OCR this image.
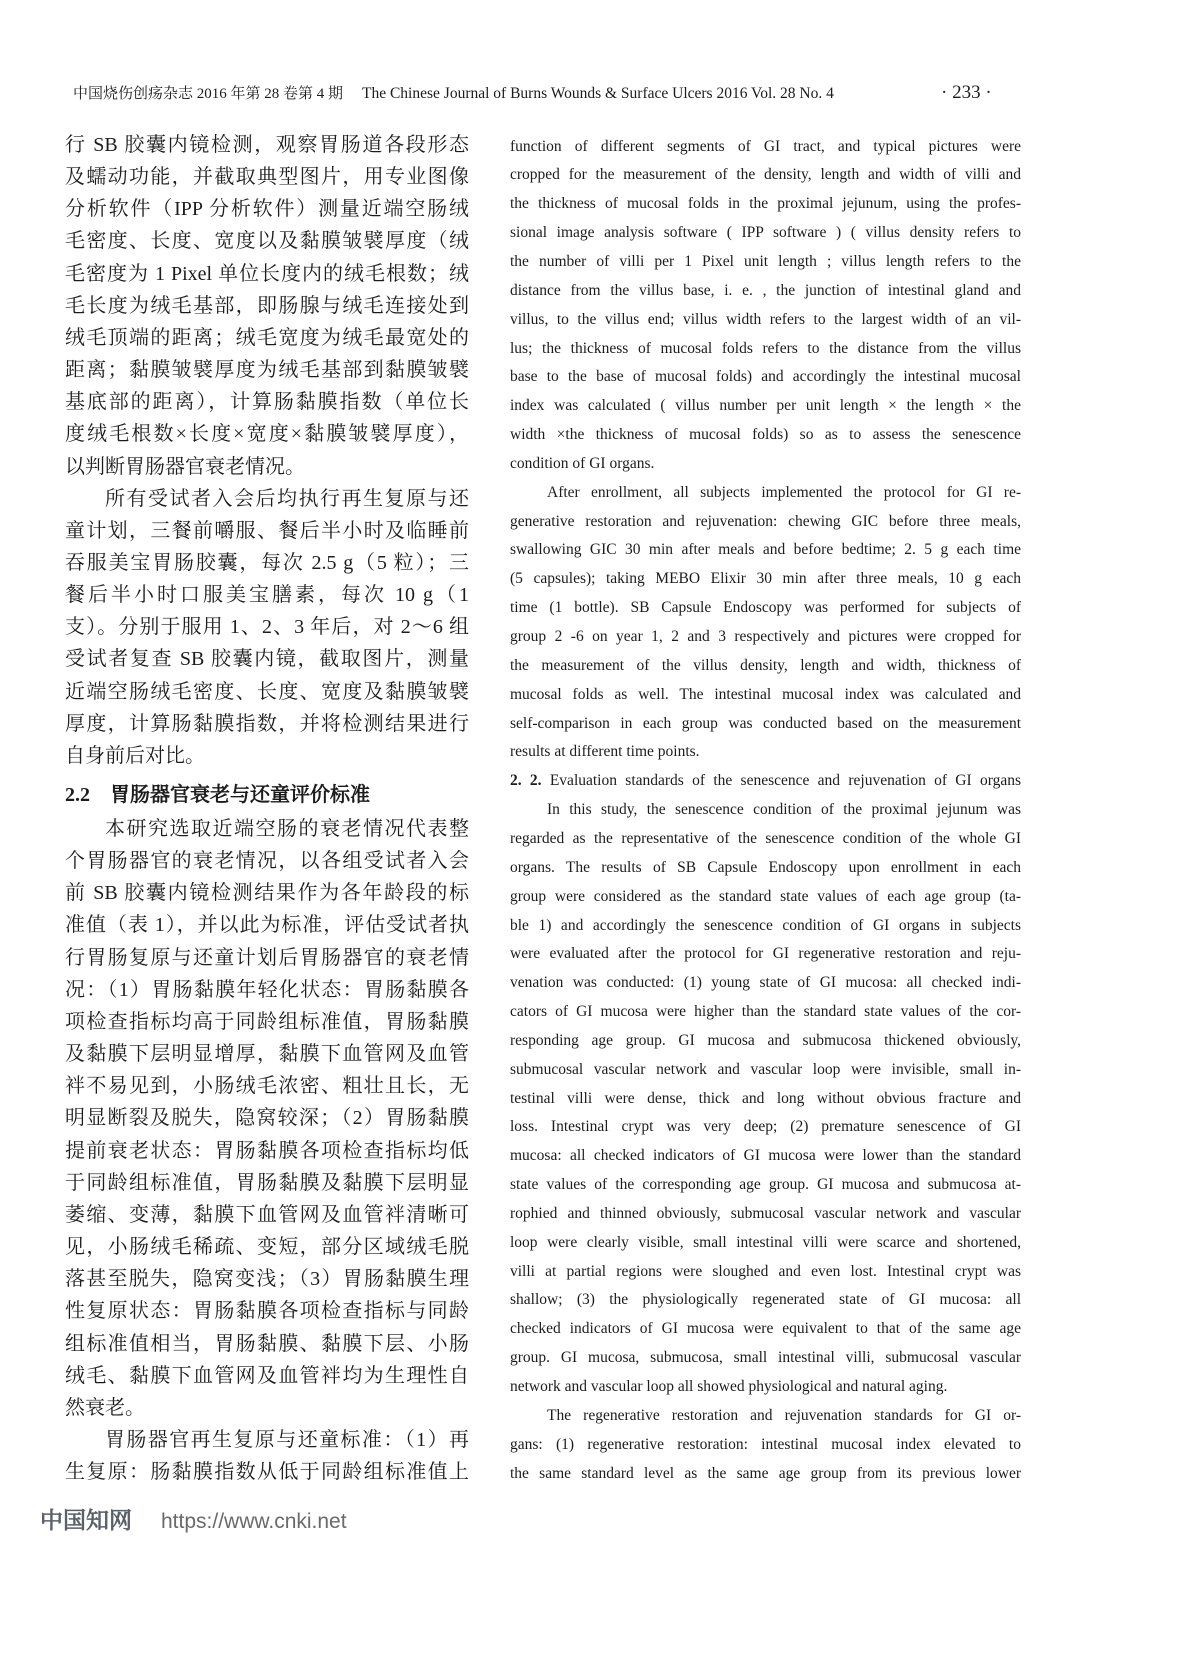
中国烧伤创疡杂志 2016 年第 28 卷第 4 期 The Chinese Journal of Burns Wounds & Surface Ulcers 2016 Vol. 28 No. 4	· 233 ·
行 SB 胶囊内镜检测，观察胃肠道各段形态
及蠕动功能，并截取典型图片，用专业图像
分析软件（IPP 分析软件）测量近端空肠绒
毛密度、长度、宽度以及黏膜皱襞厚度（绒
毛密度为 1 Pixel 单位长度内的绒毛根数；绒
毛长度为绒毛基部，即肠腺与绒毛连接处到
绒毛顶端的距离；绒毛宽度为绒毛最宽处的
距离；黏膜皱襞厚度为绒毛基部到黏膜皱襞
基底部的距离），计算肠黏膜指数（单位长
度绒毛根数×长度×宽度×黏膜皱襞厚度），
以判断胃肠器官衰老情况。
所有受试者入会后均执行再生复原与还
童计划，三餐前嚼服、餐后半小时及临睡前
吞服美宝胃肠胶囊，每次 2.5 g（5 粒）；三
餐后半小时口服美宝膳素，每次 10 g（1
支）。分别于服用 1、2、3 年后，对 2～6 组
受试者复查 SB 胶囊内镜，截取图片，测量
近端空肠绒毛密度、长度、宽度及黏膜皱襞
厚度，计算肠黏膜指数，并将检测结果进行
自身前后对比。
2.2 胃肠器官衰老与还童评价标准
本研究选取近端空肠的衰老情况代表整
个胃肠器官的衰老情况，以各组受试者入会
前 SB 胶囊内镜检测结果作为各年龄段的标
准值（表 1），并以此为标准，评估受试者执
行胃肠复原与还童计划后胃肠器官的衰老情
况：（1）胃肠黏膜年轻化状态：胃肠黏膜各
项检查指标均高于同龄组标准值，胃肠黏膜
及黏膜下层明显增厚，黏膜下血管网及血管
袢不易见到，小肠绒毛浓密、粗壮且长，无
明显断裂及脱失，隐窝较深；（2）胃肠黏膜
提前衰老状态：胃肠黏膜各项检查指标均低
于同龄组标准值，胃肠黏膜及黏膜下层明显
萎缩、变薄，黏膜下血管网及血管袢清晰可
见，小肠绒毛稀疏、变短，部分区域绒毛脱
落甚至脱失，隐窝变浅；（3）胃肠黏膜生理
性复原状态：胃肠黏膜各项检查指标与同龄
组标准值相当，胃肠黏膜、黏膜下层、小肠
绒毛、黏膜下血管网及血管袢均为生理性自
然衰老。
胃肠器官再生复原与还童标准：（1）再
生复原：肠黏膜指数从低于同龄组标准值上
function of different segments of GI tract, and typical pictures were
cropped for the measurement of the density, length and width of villi and
the thickness of mucosal folds in the proximal jejunum, using the profes-
sional image analysis software ( IPP software ) ( villus density refers to
the number of villi per 1 Pixel unit length ; villus length refers to the
distance from the villus base, i. e. , the junction of intestinal gland and
villus, to the villus end; villus width refers to the largest width of an vil-
lus; the thickness of mucosal folds refers to the distance from the villus
base to the base of mucosal folds) and accordingly the intestinal mucosal
index was calculated ( villus number per unit length × the length × the
width ×the thickness of mucosal folds) so as to assess the senescence
condition of GI organs.
After enrollment, all subjects implemented the protocol for GI re-
generative restoration and rejuvenation: chewing GIC before three meals,
swallowing GIC 30 min after meals and before bedtime; 2. 5 g each time
(5 capsules); taking MEBO Elixir 30 min after three meals, 10 g each
time (1 bottle). SB Capsule Endoscopy was performed for subjects of
group 2 -6 on year 1, 2 and 3 respectively and pictures were cropped for
the measurement of the villus density, length and width, thickness of
mucosal folds as well. The intestinal mucosal index was calculated and
self-comparison in each group was conducted based on the measurement
results at different time points.
2. 2. Evaluation standards of the senescence and rejuvenation of GI organs
In this study, the senescence condition of the proximal jejunum was
regarded as the representative of the senescence condition of the whole GI
organs. The results of SB Capsule Endoscopy upon enrollment in each
group were considered as the standard state values of each age group (ta-
ble 1) and accordingly the senescence condition of GI organs in subjects
were evaluated after the protocol for GI regenerative restoration and reju-
venation was conducted: (1) young state of GI mucosa: all checked indi-
cators of GI mucosa were higher than the standard state values of the cor-
responding age group. GI mucosa and submucosa thickened obviously,
submucosal vascular network and vascular loop were invisible, small in-
testinal villi were dense, thick and long without obvious fracture and
loss. Intestinal crypt was very deep; (2) premature senescence of GI
mucosa: all checked indicators of GI mucosa were lower than the standard
state values of the corresponding age group. GI mucosa and submucosa at-
rophied and thinned obviously, submucosal vascular network and vascular
loop were clearly visible, small intestinal villi were scarce and shortened,
villi at partial regions were sloughed and even lost. Intestinal crypt was
shallow; (3) the physiologically regenerated state of GI mucosa: all
checked indicators of GI mucosa were equivalent to that of the same age
group. GI mucosa, submucosa, small intestinal villi, submucosal vascular
network and vascular loop all showed physiological and natural aging.
The regenerative restoration and rejuvenation standards for GI or-
gans: (1) regenerative restoration: intestinal mucosal index elevated to
the same standard level as the same age group from its previous lower
中国知网 https://www.cnki.net
